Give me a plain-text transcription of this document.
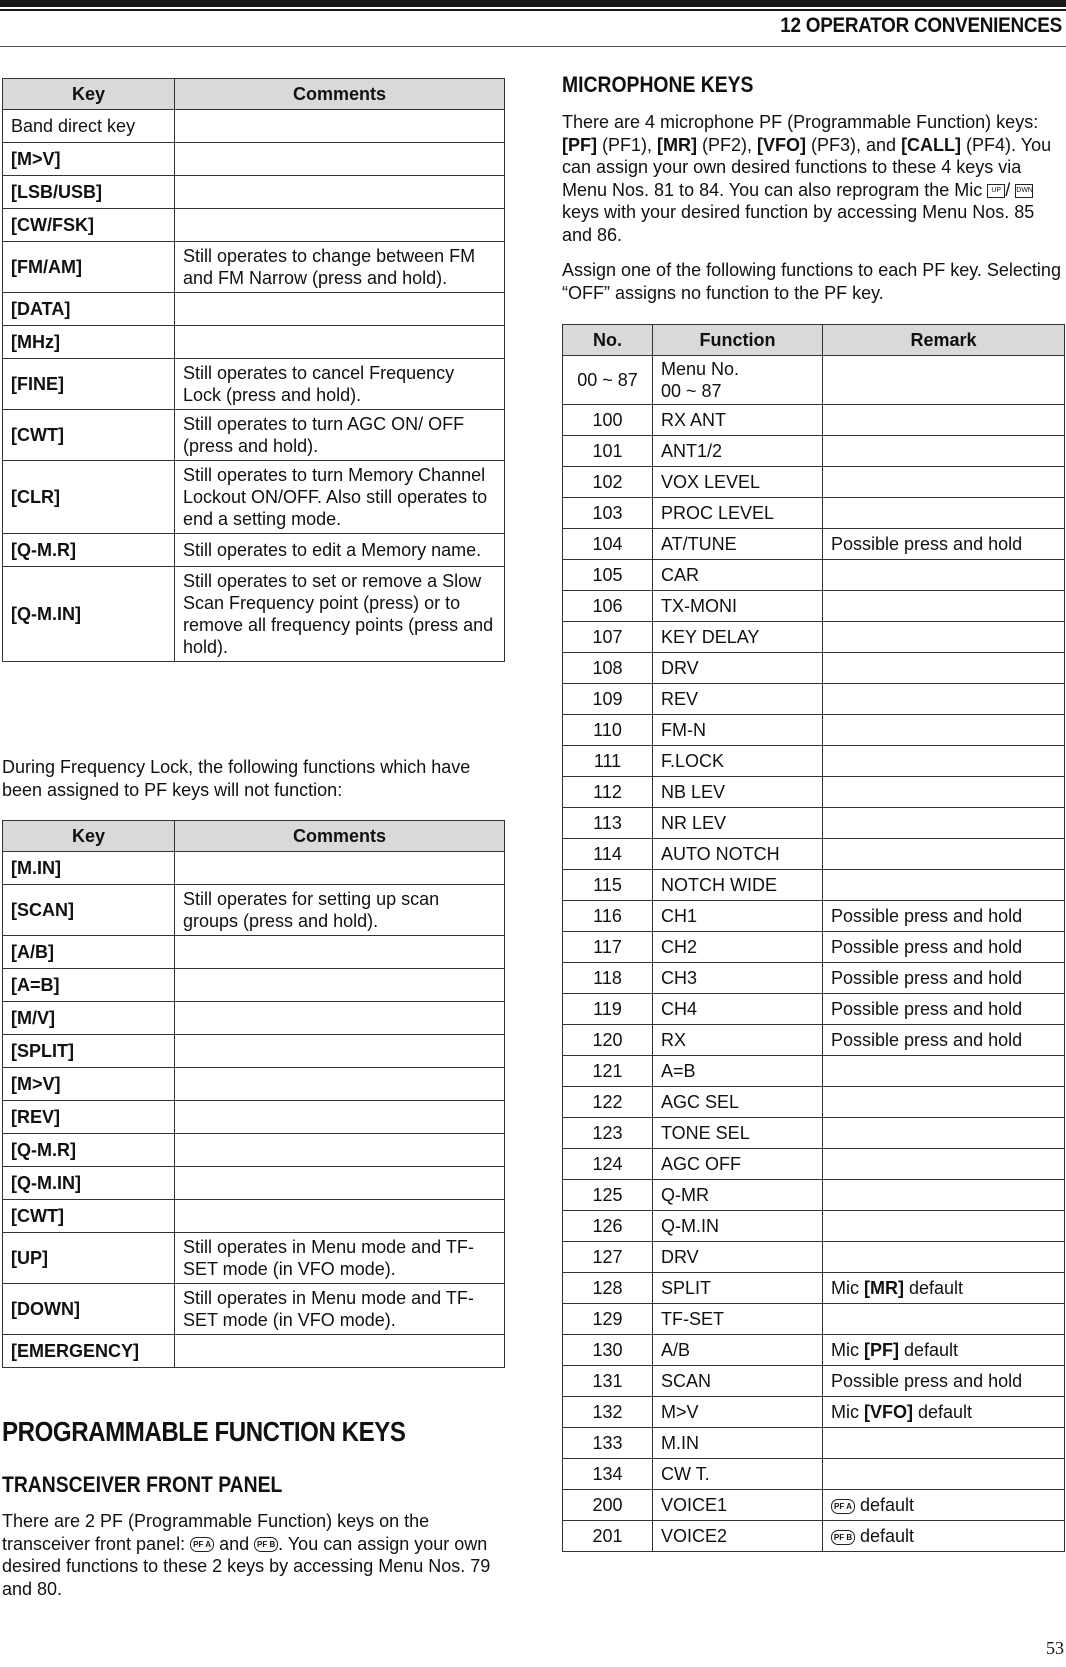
12 OPERATOR CONVENIENCES
Key	Comments
Band direct key	
[M>V]	
[LSB/USB]	
[CW/FSK]	
[FM/AM]	Still operates to change between FM and FM Narrow (press and hold).
[DATA]	
[MHz]	
[FINE]	Still operates to cancel Frequency Lock (press and hold).
[CWT]	Still operates to turn AGC ON/ OFF (press and hold).
[CLR]	Still operates to turn Memory Channel Lockout ON/OFF. Also still operates to end a setting mode.
[Q-M.R]	Still operates to edit a Memory name.
[Q-M.IN]	Still operates to set or remove a Slow Scan Frequency point (press) or to remove all frequency points (press and hold).

During Frequency Lock, the following functions which have been assigned to PF keys will not function:

Key	Comments
[M.IN]	
[SCAN]	Still operates for setting up scan groups (press and hold).
[A/B]	
[A=B]	
[M/V]	
[SPLIT]	
[M>V]	
[REV]	
[Q-M.R]	
[Q-M.IN]	
[CWT]	
[UP]	Still operates in Menu mode and TF-SET mode (in VFO mode).
[DOWN]	Still operates in Menu mode and TF-SET mode (in VFO mode).
[EMERGENCY]	
PROGRAMMABLE FUNCTION KEYS
TRANSCEIVER FRONT PANEL

There are 2 PF (Programmable Function) keys on the transceiver front panel: PF A and PF B . You can assign your own desired functions to these 2 keys by accessing Menu Nos. 79 and 80.

MICROPHONE KEYS

There are 4 microphone PF (Programmable Function) keys: [PF] (PF1), [MR] (PF2), [VFO] (PF3), and [CALL] (PF4). You can assign your own desired functions to these 4 keys via Menu Nos. 81 to 84. You can also reprogram the Mic UP / DWN keys with your desired function by accessing Menu Nos. 85 and 86.

Assign one of the following functions to each PF key. Selecting “OFF” assigns no function to the PF key.

No.	Function	Remark
00 ~ 87	Menu No.
00 ~ 87	
100	RX ANT	
101	ANT1/2	
102	VOX LEVEL	
103	PROC LEVEL	
104	AT/TUNE	Possible press and hold
105	CAR	
106	TX-MONI	
107	KEY DELAY	
108	DRV	
109	REV	
110	FM-N	
111	F.LOCK	
112	NB LEV	
113	NR LEV	
114	AUTO NOTCH	
115	NOTCH WIDE	
116	CH1	Possible press and hold
117	CH2	Possible press and hold
118	CH3	Possible press and hold
119	CH4	Possible press and hold
120	RX	Possible press and hold
121	A=B	
122	AGC SEL	
123	TONE SEL	
124	AGC OFF	
125	Q-MR	
126	Q-M.IN	
127	DRV	
128	SPLIT	Mic [MR] default
129	TF-SET	
130	A/B	Mic [PF] default
131	SCAN	Possible press and hold
132	M>V	Mic [VFO] default
133	M.IN	
134	CW T.	
200	VOICE1	PF A default
201	VOICE2	PF B default

53
